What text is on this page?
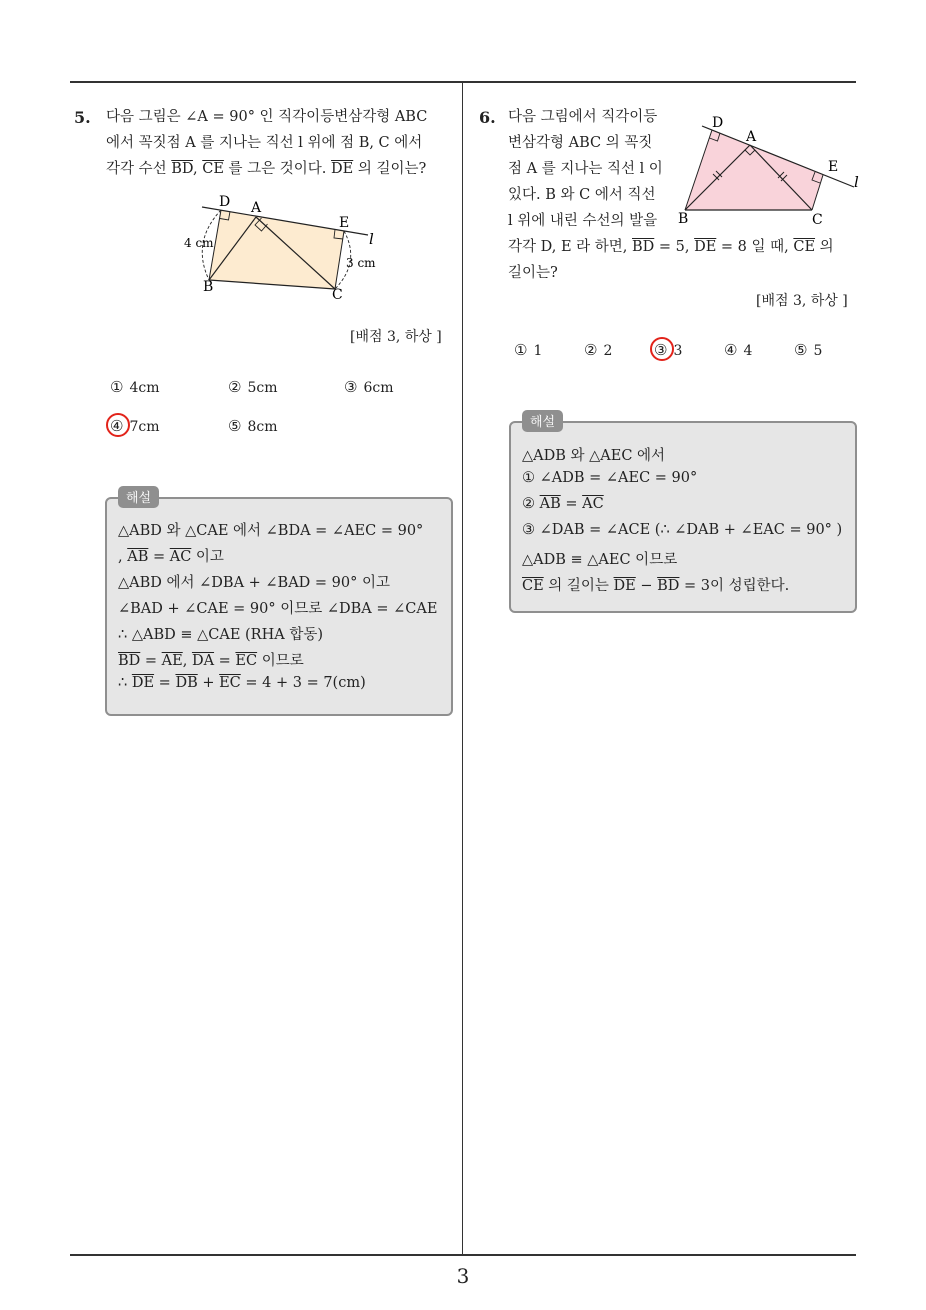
5. 다음 그림은 ∠A = 90° 인 직각이등변삼각형 ABC
에서 꼭짓점 A 를 지나는 직선 l 위에 점 B, C 에서
각각 수선 $\overline{BD}$, $\overline{CE}$ 를 그은 것이다. $\overline{DE}$ 의 길이는?
D A
E
l
B	C
4 cm
3 cm
[배점 3, 하상 ]
① 4cm	② 5cm	③ 6cm
④ 7cm	⑤ 8cm
해설
△ABD 와 △CAE 에서 ∠BDA = ∠AEC = 90°
, $\overline{AB} = \overline{AC}$ 이고
△ABD 에서 ∠DBA + ∠BAD = 90° 이고
∠BAD + ∠CAE = 90° 이므로 ∠DBA = ∠CAE
∴ △ABD ≡ △CAE (RHA 합동)
$\overline{BD} = \overline{AE}$, $\overline{DA} = \overline{EC}$ 이므로
∴ $\overline{DE} = \overline{DB} + \overline{EC} = 4 + 3 = 7(cm)$
6. 다음 그림에서 직각이등
변삼각형 ABC 의 꼭짓
점 A 를 지나는 직선 l 이
있다. B 와 C 에서 직선
l 위에 내린 수선의 발을
각각 D, E 라 하면, $\overline{BD} = 5$, $\overline{DE} = 8$ 일 때, $\overline{CE}$ 의
길이는?
D
A
E
l
B	C
[배점 3, 하상 ]
① 1	② 2	③ 3	④ 4	⑤ 5
해설
△ADB 와 △AEC 에서
① ∠ADB = ∠AEC = 90°
② $\overline{AB} = \overline{AC}$
③ ∠DAB = ∠ACE (∴ ∠DAB + ∠EAC = 90° )
△ADB ≡ △AEC 이므로
$\overline{CE}$ 의 길이는 $\overline{DE} - \overline{BD} = 3$이 성립한다.
3
